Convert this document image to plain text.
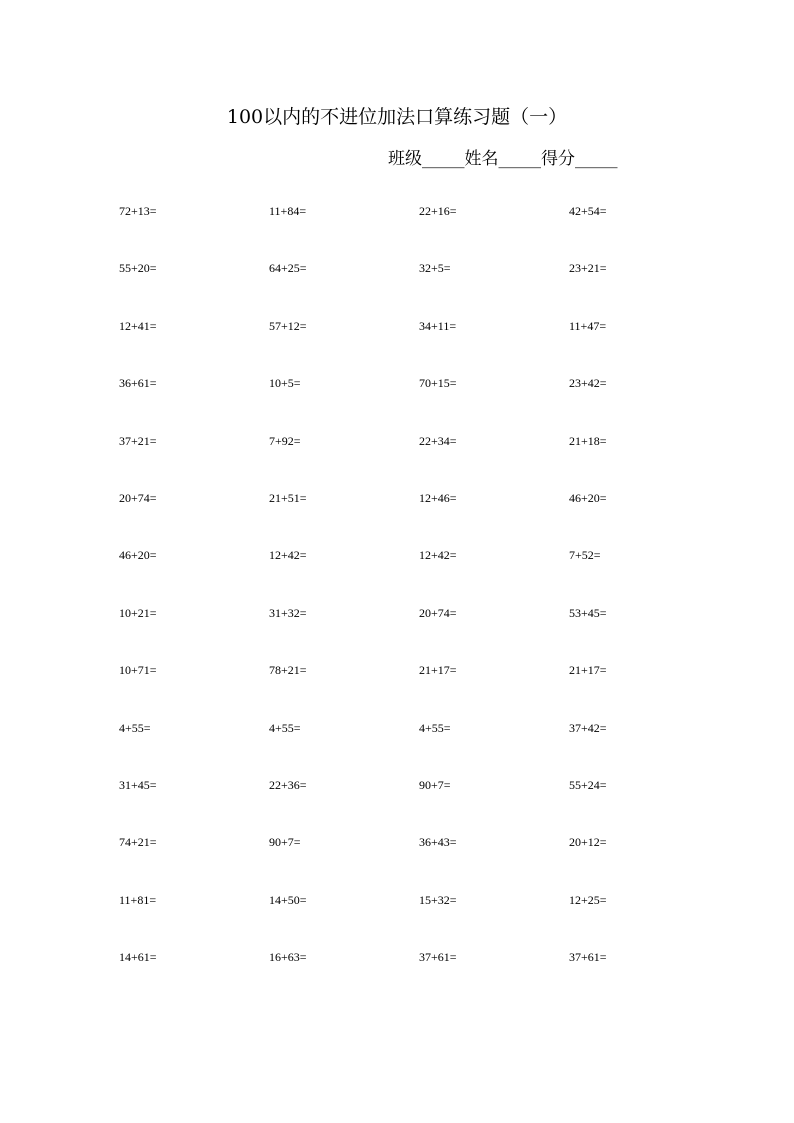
100以内的不进位加法口算练习题（一）
班级_____姓名_____得分_____
72+13=	11+84=	22+16=	42+54=
55+20=	64+25=	32+5=	23+21=
12+41=	57+12=	34+11=	11+47=
36+61=	10+5=	70+15=	23+42=
37+21=	7+92=	22+34=	21+18=
20+74=	21+51=	12+46=	46+20=
46+20=	12+42=	12+42=	7+52=
10+21=	31+32=	20+74=	53+45=
10+71=	78+21=	21+17=	21+17=
4+55=	4+55=	4+55=	37+42=
31+45=	22+36=	90+7=	55+24=
74+21=	90+7=	36+43=	20+12=
11+81=	14+50=	15+32=	12+25=
14+61=	16+63=	37+61=	37+61=
